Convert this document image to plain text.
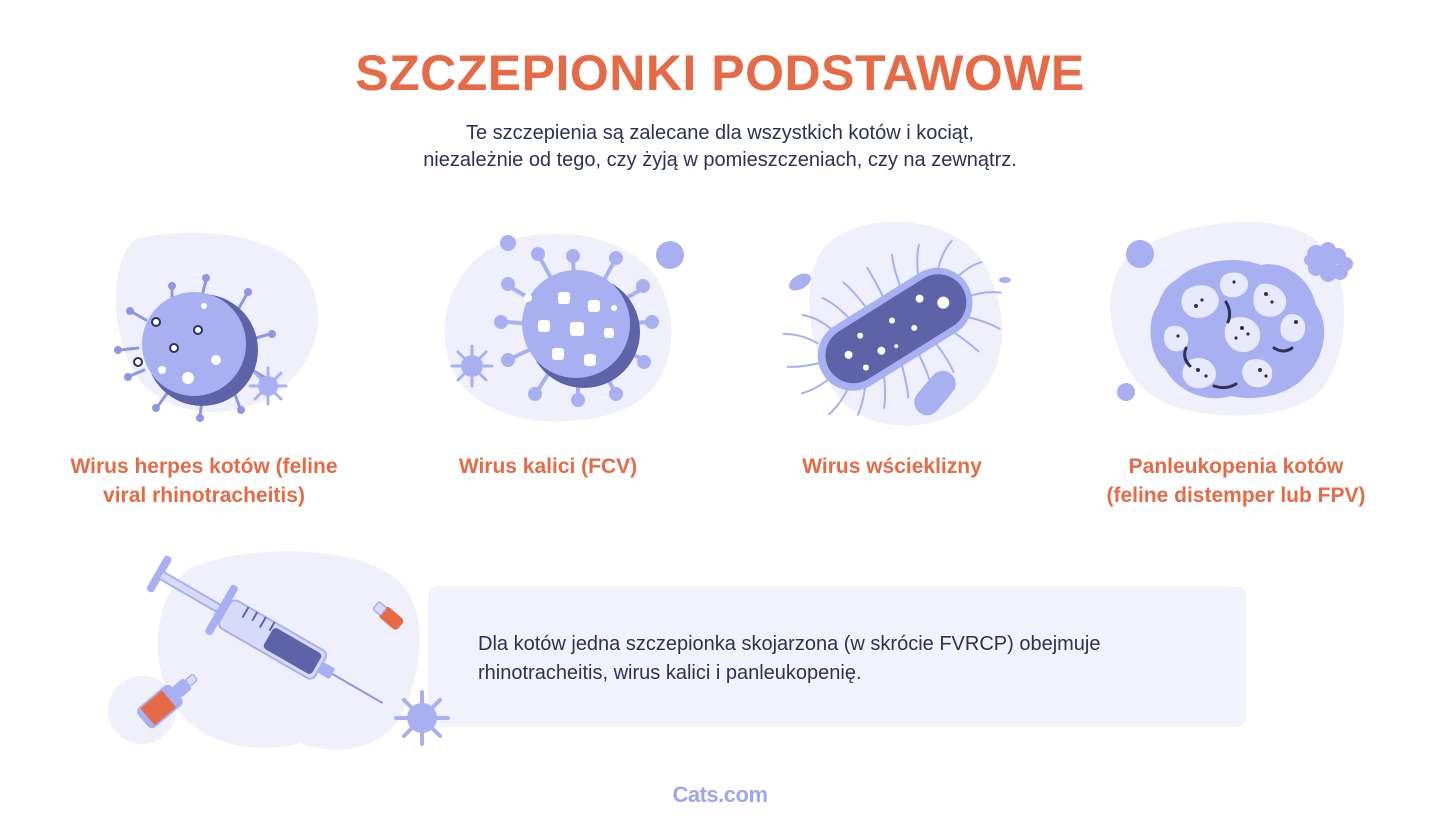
SZCZEPIONKI PODSTAWOWE

Te szczepienia są zalecane dla wszystkich kotów i kociąt,
niezależnie od tego, czy żyją w pomieszczeniach, czy na zewnątrz.

Wirus herpes kotów (feline
viral rhinotracheitis)
Wirus kalici (FCV)	Wirus wścieklizny	Panleukopenia kotów
(feline distemper lub FPV)
Dla kotów jedna szczepionka skojarzona (w skrócie FVRCP) obejmuje
rhinotracheitis, wirus kalici i panleukopenię.
Cats.com
